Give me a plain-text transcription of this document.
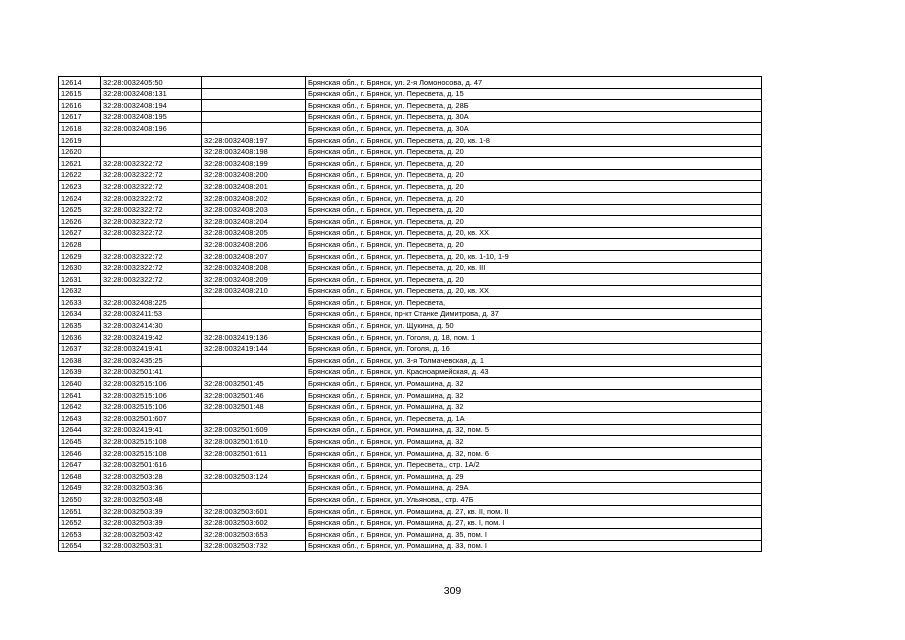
12614	32:28:0032405:50		Брянская обл., г. Брянск, ул. 2-я Ломоносова, д. 47
12615	32:28:0032408:131		Брянская обл., г. Брянск, ул. Пересвета, д. 15
12616	32:28:0032408:194		Брянская обл., г. Брянск, ул. Пересвета, д. 28Б
12617	32:28:0032408:195		Брянская обл., г. Брянск, ул. Пересвета, д. 30А
12618	32:28:0032408:196		Брянская обл., г. Брянск, ул. Пересвета, д. 30А
12619		32:28:0032408:197	Брянская обл., г. Брянск, ул. Пересвета, д. 20, кв. 1-8
12620		32:28:0032408:198	Брянская обл., г. Брянск, ул. Пересвета, д. 20
12621	32:28:0032322:72	32:28:0032408:199	Брянская обл., г. Брянск, ул. Пересвета, д. 20
12622	32:28:0032322:72	32:28:0032408:200	Брянская обл., г. Брянск, ул. Пересвета, д. 20
12623	32:28:0032322:72	32:28:0032408:201	Брянская обл., г. Брянск, ул. Пересвета, д. 20
12624	32:28:0032322:72	32:28:0032408:202	Брянская обл., г. Брянск, ул. Пересвета, д. 20
12625	32:28:0032322:72	32:28:0032408:203	Брянская обл., г. Брянск, ул. Пересвета, д. 20
12626	32:28:0032322:72	32:28:0032408:204	Брянская обл., г. Брянск, ул. Пересвета, д. 20
12627	32:28:0032322:72	32:28:0032408:205	Брянская обл., г. Брянск, ул. Пересвета, д. 20, кв. XX
12628		32:28:0032408:206	Брянская обл., г. Брянск, ул. Пересвета, д. 20
12629	32:28:0032322:72	32:28:0032408:207	Брянская обл., г. Брянск, ул. Пересвета, д. 20, кв. 1-10, 1-9
12630	32:28:0032322:72	32:28:0032408:208	Брянская обл., г. Брянск, ул. Пересвета, д. 20, кв. III
12631	32:28:0032322:72	32:28:0032408:209	Брянская обл., г. Брянск, ул. Пересвета, д. 20
12632		32:28:0032408:210	Брянская обл., г. Брянск, ул. Пересвета, д. 20, кв. XX
12633	32:28:0032408:225		Брянская обл., г. Брянск, ул. Пересвета,
12634	32:28:0032411:53		Брянская обл., г. Брянск, пр-кт Станке Димитрова, д. 37
12635	32:28:0032414:30		Брянская обл., г. Брянск, ул. Щукина, д. 50
12636	32:28:0032419:42	32:28:0032419:136	Брянская обл., г. Брянск, ул. Гоголя, д. 18, пом. 1
12637	32:28:0032419:41	32:28:0032419:144	Брянская обл., г. Брянск, ул. Гоголя, д. 16
12638	32:28:0032435:25		Брянская обл., г. Брянск, ул. 3-я Толмачевская, д. 1
12639	32:28:0032501:41		Брянская обл., г. Брянск, ул. Красноармейская, д. 43
12640	32:28:0032515:106	32:28:0032501:45	Брянская обл., г. Брянск, ул. Ромашина, д. 32
12641	32:28:0032515:106	32:28:0032501:46	Брянская обл., г. Брянск, ул. Ромашина, д. 32
12642	32:28:0032515:106	32:28:0032501:48	Брянская обл., г. Брянск, ул. Ромашина, д. 32
12643	32:28:0032501:607		Брянская обл., г. Брянск, ул. Пересвета, д. 1А
12644	32:28:0032419:41	32:28:0032501:609	Брянская обл., г. Брянск, ул. Ромашина, д. 32, пом. 5
12645	32:28:0032515:108	32:28:0032501:610	Брянская обл., г. Брянск, ул. Ромашина, д. 32
12646	32:28:0032515:108	32:28:0032501:611	Брянская обл., г. Брянск, ул. Ромашина, д. 32, пом. 6
12647	32:28:0032501:616		Брянская обл., г. Брянск, ул. Пересвета,, стр. 1А/2
12648	32:28:0032503:28	32:28:0032503:124	Брянская обл., г. Брянск, ул. Ромашина, д. 29
12649	32:28:0032503:36		Брянская обл., г. Брянск, ул. Ромашина, д. 29А
12650	32:28:0032503:48		Брянская обл., г. Брянск, ул. Ульянова,, стр. 47Б
12651	32:28:0032503:39	32:28:0032503:601	Брянская обл., г. Брянск, ул. Ромашина, д. 27, кв. II, пом. II
12652	32:28:0032503:39	32:28:0032503:602	Брянская обл., г. Брянск, ул. Ромашина, д. 27, кв. I, пом. I
12653	32:28:0032503:42	32:28:0032503:653	Брянская обл., г. Брянск, ул. Ромашина, д. 35, пом. I
12654	32:28:0032503:31	32:28:0032503:732	Брянская обл., г. Брянск, ул. Ромашина, д. 33, пом. I
309
